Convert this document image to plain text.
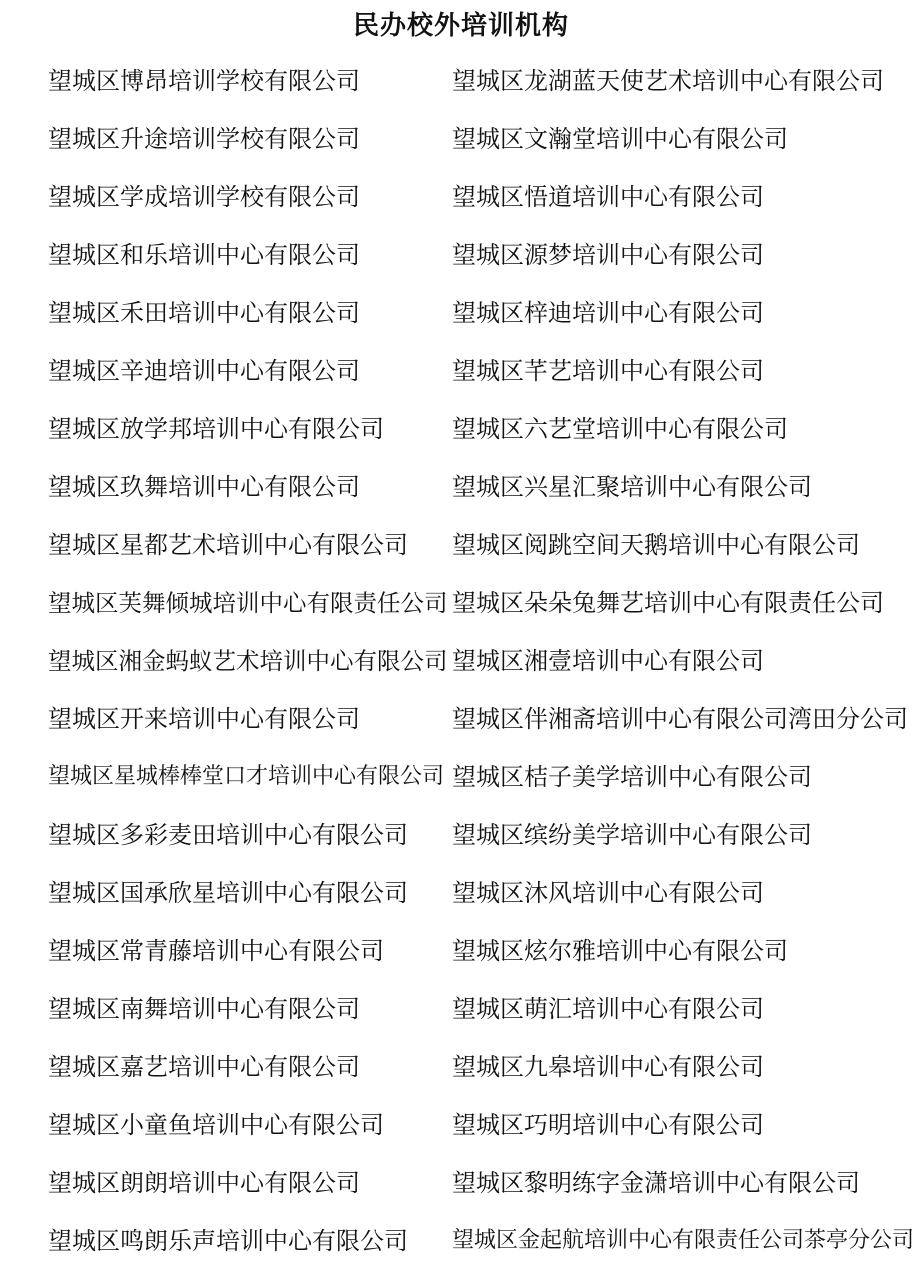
民办校外培训机构
望城区博昂培训学校有限公司
望城区升途培训学校有限公司
望城区学成培训学校有限公司
望城区和乐培训中心有限公司
望城区禾田培训中心有限公司
望城区辛迪培训中心有限公司
望城区放学邦培训中心有限公司
望城区玖舞培训中心有限公司
望城区星都艺术培训中心有限公司
望城区芙舞倾城培训中心有限责任公司
望城区湘金蚂蚁艺术培训中心有限公司
望城区开来培训中心有限公司
望城区星城棒棒堂口才培训中心有限公司
望城区多彩麦田培训中心有限公司
望城区国承欣星培训中心有限公司
望城区常青藤培训中心有限公司
望城区南舞培训中心有限公司
望城区嘉艺培训中心有限公司
望城区小童鱼培训中心有限公司
望城区朗朗培训中心有限公司
望城区鸣朗乐声培训中心有限公司
望城区龙湖蓝天使艺术培训中心有限公司
望城区文瀚堂培训中心有限公司
望城区悟道培训中心有限公司
望城区源梦培训中心有限公司
望城区梓迪培训中心有限公司
望城区芊艺培训中心有限公司
望城区六艺堂培训中心有限公司
望城区兴星汇聚培训中心有限公司
望城区阅跳空间天鹅培训中心有限公司
望城区朵朵兔舞艺培训中心有限责任公司
望城区湘壹培训中心有限公司
望城区伴湘斋培训中心有限公司湾田分公司
望城区桔子美学培训中心有限公司
望城区缤纷美学培训中心有限公司
望城区沐风培训中心有限公司
望城区炫尔雅培训中心有限公司
望城区萌汇培训中心有限公司
望城区九皋培训中心有限公司
望城区巧明培训中心有限公司
望城区黎明练字金潇培训中心有限公司
望城区金起航培训中心有限责任公司茶亭分公司
